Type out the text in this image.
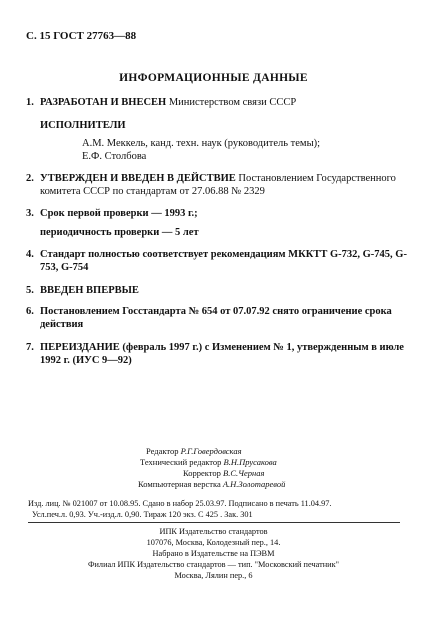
С. 15 ГОСТ 27763—88
ИНФОРМАЦИОННЫЕ ДАННЫЕ
1. РАЗРАБОТАН И ВНЕСЕН Министерством связи СССР
ИСПОЛНИТЕЛИ
А.М. Меккель, канд. техн. наук (руководитель темы);
Е.Ф. Столбова
2. УТВЕРЖДЕН И ВВЕДЕН В ДЕЙСТВИЕ Постановлением Государственного комитета СССР по стандартам от 27.06.88 № 2329
3. Срок первой проверки — 1993 г.;
периодичность проверки — 5 лет
4. Стандарт полностью соответствует рекомендациям МККТТ G-732, G-745, G-753, G-754
5. ВВЕДЕН ВПЕРВЫЕ
6. Постановлением Госстандарта № 654 от 07.07.92 снято ограничение срока действия
7. ПЕРЕИЗДАНИЕ (февраль 1997 г.) с Изменением № 1, утвержденным в июле 1992 г. (ИУС 9—92)
Редактор Р.Г.Говердовская
Технический редактор В.Н.Прусакова
Корректор В.С.Черная
Компьютерная верстка А.Н.Золотаревой
Изд. лиц. № 021007 от 10.08.95. Сдано в набор 25.03.97. Подписано в печать 11.04.97.
Усл.печ.л. 0,93. Уч.-изд.л. 0,90. Тираж 120 экз. С 425 . Зак. 301
ИПК Издательство стандартов
107076, Москва, Колодезный пер., 14.
Набрано в Издательстве на ПЭВМ
Филиал ИПК Издательство стандартов — тип. "Московский печатник"
Москва, Лялин пер., 6
